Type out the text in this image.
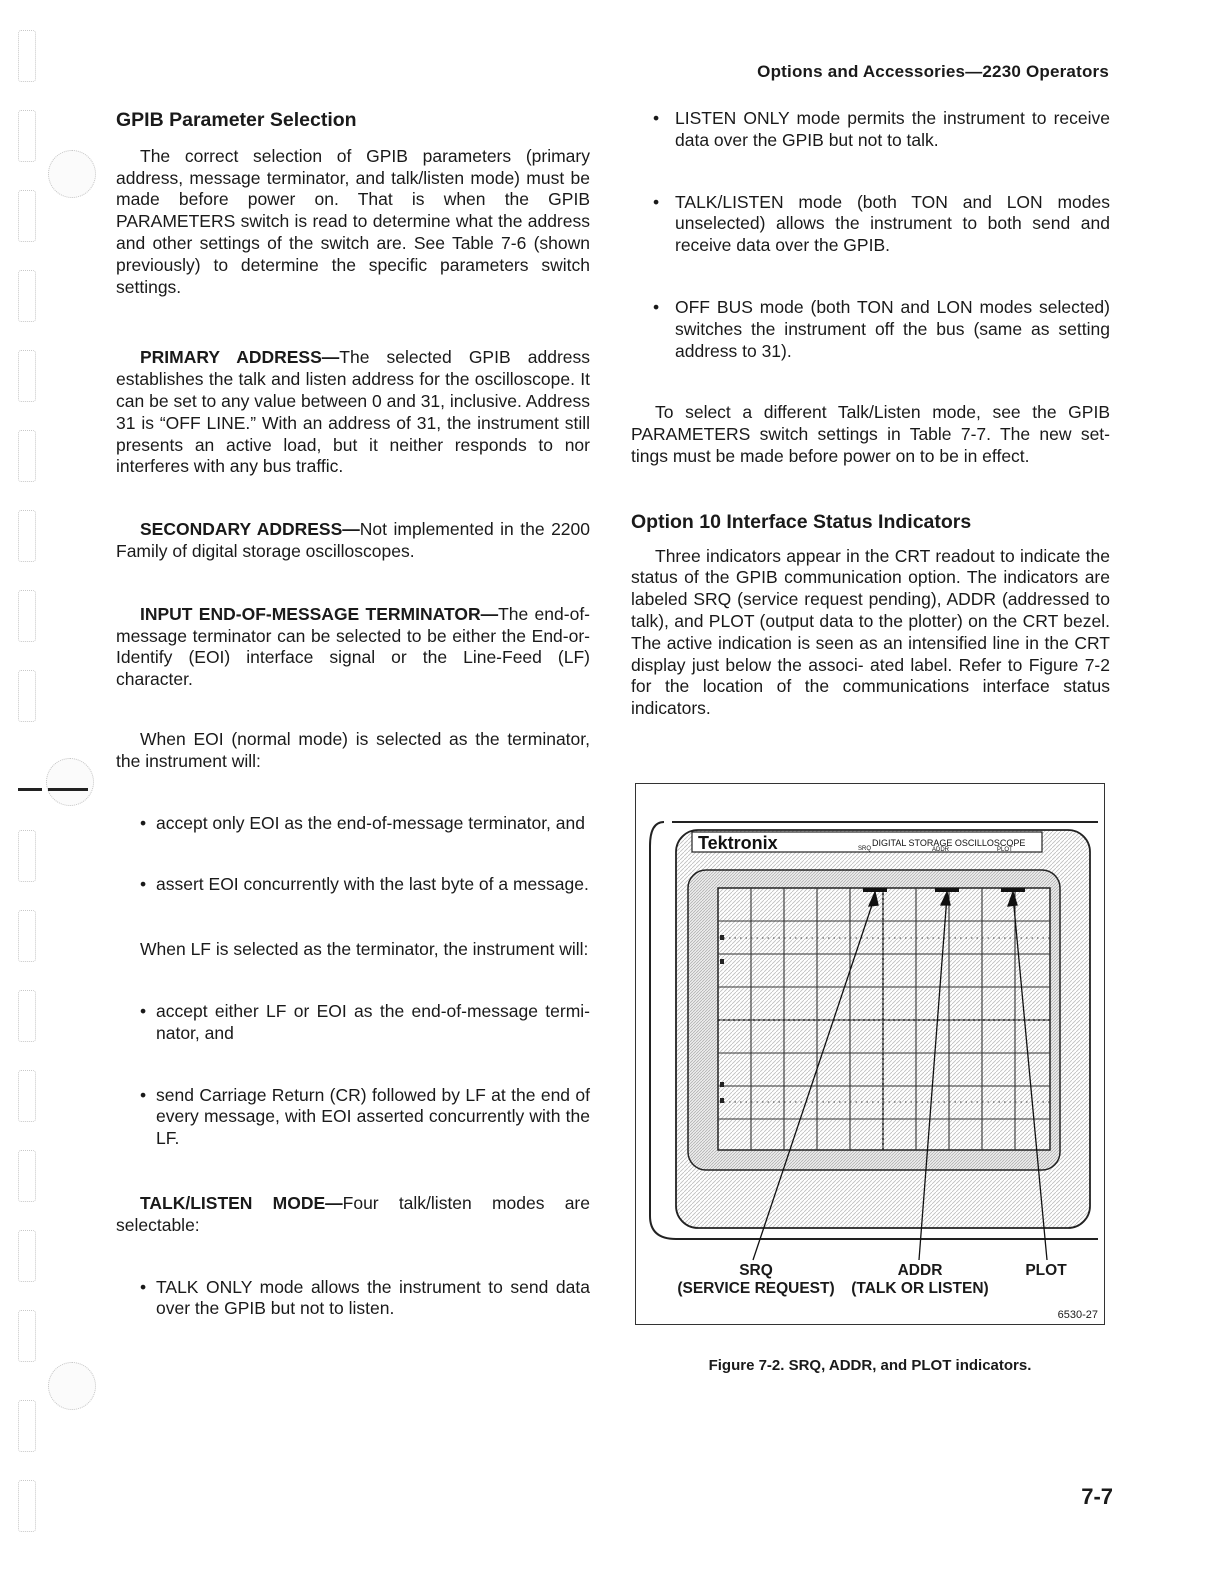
Options and Accessories—2230 Operators
GPIB Parameter Selection

The correct selection of GPIB parameters (primary address, message terminator, and talk/listen mode) must be made before power on. That is when the GPIB PARAMETERS switch is read to determine what the address and other settings of the switch are. See Table 7-6 (shown previously) to determine the specific parameters switch settings.

PRIMARY ADDRESS—The selected GPIB address establishes the talk and listen address for the oscilloscope. It can be set to any value between 0 and 31, inclusive. Address 31 is “OFF LINE.” With an address of 31, the instrument still presents an active load, but it neither responds to nor interferes with any bus traffic.

SECONDARY ADDRESS—Not implemented in the 2200 Family of digital storage oscilloscopes.

INPUT END-OF-MESSAGE TERMINATOR—The end-of-message terminator can be selected to be either the End-or-Identify (EOI) interface signal or the Line-Feed (LF) character.

When EOI (normal mode) is selected as the terminator, the instrument will:

• accept only EOI as the end-of-message terminator, and

• assert EOI concurrently with the last byte of a message.

When LF is selected as the terminator, the instrument will:

• accept either LF or EOI as the end-of-message termi- nator, and

• send Carriage Return (CR) followed by LF at the end of every message, with EOI asserted concurrently with the LF.

TALK/LISTEN MODE—Four talk/listen modes are selectable:

• TALK ONLY mode allows the instrument to send data over the GPIB but not to listen.

• LISTEN ONLY mode permits the instrument to receive data over the GPIB but not to talk.

• TALK/LISTEN mode (both TON and LON modes unselected) allows the instrument to both send and receive data over the GPIB.

• OFF BUS mode (both TON and LON modes selected) switches the instrument off the bus (same as setting address to 31).

To select a different Talk/Listen mode, see the GPIB PARAMETERS switch settings in Table 7-7. The new set- tings must be made before power on to be in effect.

Option 10 Interface Status Indicators

Three indicators appear in the CRT readout to indicate the status of the GPIB communication option. The indicators are labeled SRQ (service request pending), ADDR (addressed to talk), and PLOT (output data to the plotter) on the CRT bezel. The active indication is seen as an intensified line in the CRT display just below the associ- ated label. Refer to Figure 7-2 for the location of the communications interface status indicators.

Tektronix	DIGITAL STORAGE OSCILLOSCOPE
SRQ	ADDR	PLOT
SRQ
(SERVICE REQUEST)
ADDR
(TALK OR LISTEN)
PLOT
6530-27
Figure 7-2. SRQ, ADDR, and PLOT indicators.
7-7
